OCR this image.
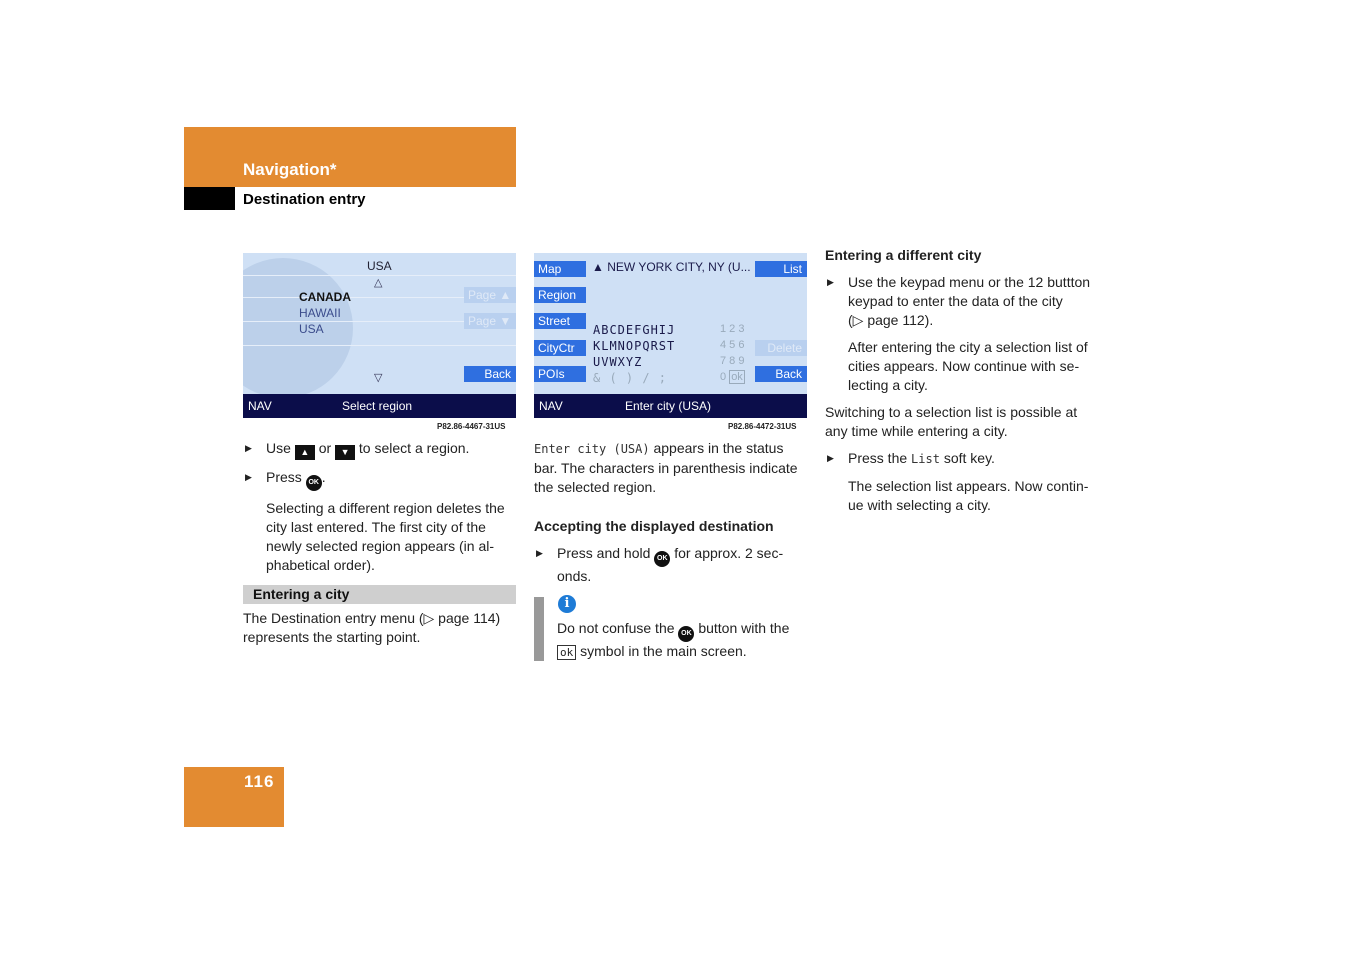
Navigation*
Destination entry
USA
△
CANADA
HAWAII
USA
Page ▲
Page ▼
▽	Back
NAV	Select region
P82.86-4467-31US
Map
Region
Street
CityCtr
POIs
▲ NEW YORK CITY, NY (U...	List
Delete
Back
ABCDEFGHIJ
KLMNOPQRST
UVWXYZ
& ( ) / ;
1 2 3
4 5 6
7 8 9
0 ok
NAV	Enter city (USA)
P82.86-4472-31US

▶ Use ▲ or ▼ to select a region.

▶ Press OK .

Selecting a different region deletes the
city last entered. The first city of the
newly selected region appears (in al-
phabetical order).

Entering a city

The Destination entry menu (▷ page 114)
represents the starting point.

Enter city (USA) appears in the status
bar. The characters in parenthesis indicate
the selected region.

Accepting the displayed destination

▶ Press and hold OK for approx. 2 sec-
onds.

i

Do not confuse the OK button with the
ok symbol in the main screen.

Entering a different city

▶ Use the keypad menu or the 12 buttton
keypad to enter the data of the city
(▷ page 112).

After entering the city a selection list of
cities appears. Now continue with se-
lecting a city.

Switching to a selection list is possible at
any time while entering a city.

▶ Press the List soft key.

The selection list appears. Now contin-
ue with selecting a city.

116
